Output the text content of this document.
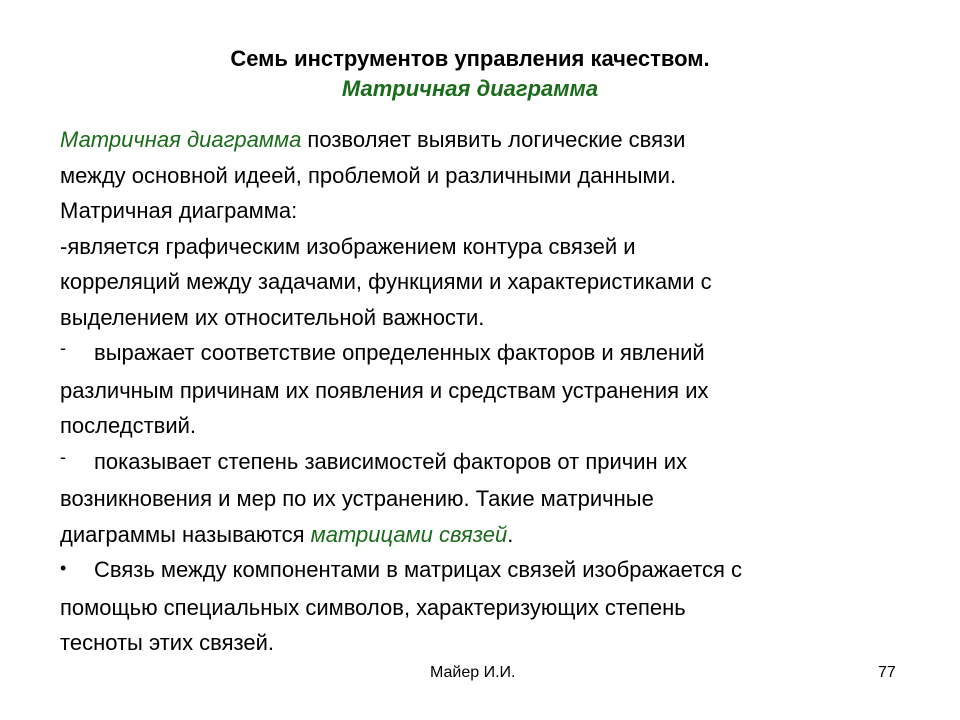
Семь инструментов управления качеством.
Матричная диаграмма

Матричная диаграмма позволяет выявить логические связи

между основной идеей, проблемой и различными данными.

Матричная диаграмма:

-является графическим изображением контура связей и

корреляций между задачами, функциями и характеристиками с

выделением их относительной важности.

- выражает соответствие определенных факторов и явлений

различным причинам их появления и средствам устранения их

последствий.

- показывает степень зависимостей факторов от причин их

возникновения и мер по их устранению. Такие матричные

диаграммы называются матрицами связей.

• Связь между компонентами в матрицах связей изображается с

помощью специальных символов, характеризующих степень

тесноты этих связей.

Майер И.И.	77
